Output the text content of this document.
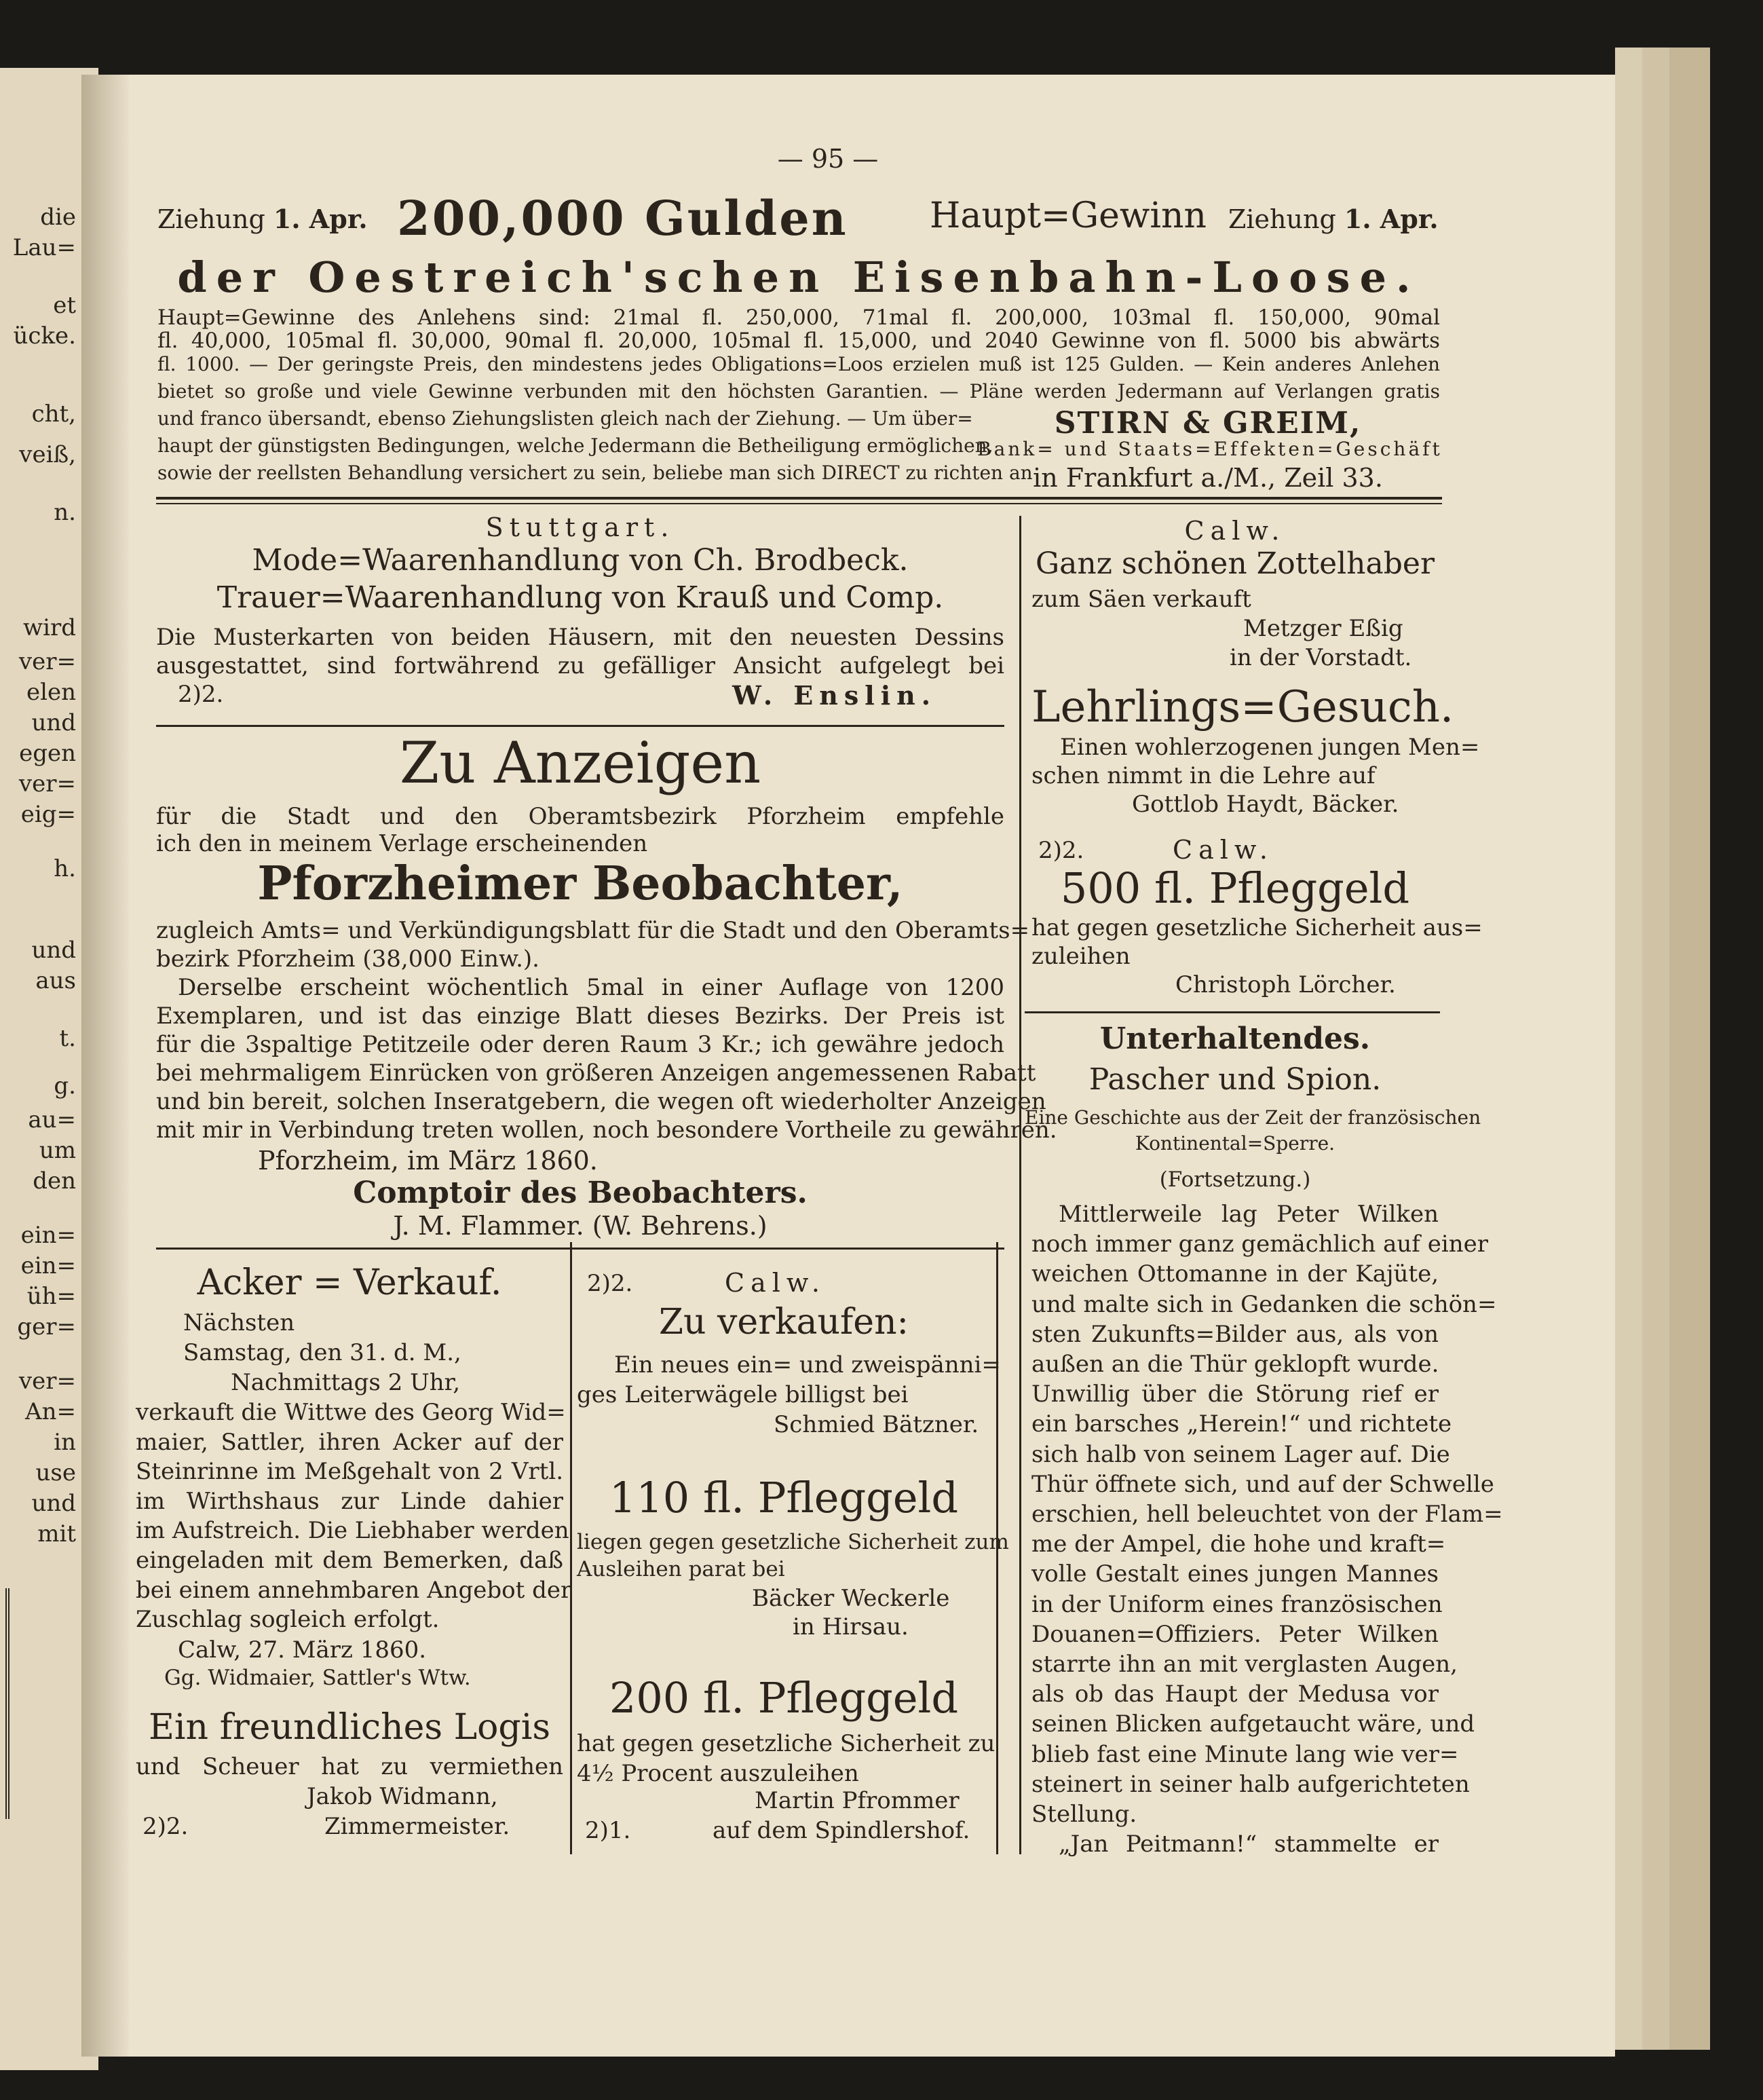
die

Lau=

et

ücke.

cht,

veiß,

n.

wird

ver=

elen

und

egen

ver=

eig=

h.

und

aus

t.

g.

au=

um

den

ein=

ein=

üh=

ger=

ver=

An=

in

use

und

mit

— 95 —

Ziehung 1. Apr. 200,000 Gulden Haupt=Gewinn Ziehung 1. Apr.

der Oestreich'schen Eisenbahn-Loose.

Haupt=Gewinne des Anlehens sind: 21mal fl. 250,000, 71mal fl. 200,000, 103mal fl. 150,000, 90mal

fl. 40,000, 105mal fl. 30,000, 90mal fl. 20,000, 105mal fl. 15,000, und 2040 Gewinne von fl. 5000 bis abwärts

fl. 1000. — Der geringste Preis, den mindestens jedes Obligations=Loos erzielen muß ist 125 Gulden. — Kein anderes Anlehen

bietet so große und viele Gewinne verbunden mit den höchsten Garantien. — Pläne werden Jedermann auf Verlangen gratis

und franco übersandt, ebenso Ziehungslisten gleich nach der Ziehung. — Um über=

haupt der günstigsten Bedingungen, welche Jedermann die Betheiligung ermöglichen,

sowie der reellsten Behandlung versichert zu sein, beliebe man sich DIRECT zu richten an

STIRN & GREIM,

Bank= und Staats=Effekten=Geschäft

in Frankfurt a./M., Zeil 33.

Stuttgart.

Mode=Waarenhandlung von Ch. Brodbeck.

Trauer=Waarenhandlung von Krauß und Comp.

Die Musterkarten von beiden Häusern, mit den neuesten Dessins

ausgestattet, sind fortwährend zu gefälliger Ansicht aufgelegt bei

2)2.	W. Enslin.

Zu Anzeigen

für die Stadt und den Oberamtsbezirk Pforzheim empfehle

ich den in meinem Verlage erscheinenden

Pforzheimer Beobachter,

zugleich Amts= und Verkündigungsblatt für die Stadt und den Oberamts=

bezirk Pforzheim (38,000 Einw.).

Derselbe erscheint wöchentlich 5mal in einer Auflage von 1200

Exemplaren, und ist das einzige Blatt dieses Bezirks. Der Preis ist

für die 3spaltige Petitzeile oder deren Raum 3 Kr.; ich gewähre jedoch

bei mehrmaligem Einrücken von größeren Anzeigen angemessenen Rabatt

und bin bereit, solchen Inseratgebern, die wegen oft wiederholter Anzeigen

mit mir in Verbindung treten wollen, noch besondere Vortheile zu gewähren.

Pforzheim, im März 1860.

Comptoir des Beobachters.

J. M. Flammer. (W. Behrens.)

Calw.

Ganz schönen Zottelhaber

zum Säen verkauft

Metzger Eßig

in der Vorstadt.

Lehrlings=Gesuch.

Einen wohlerzogenen jungen Men=

schen nimmt in die Lehre auf

Gottlob Haydt, Bäcker.

2)2.	Calw.

500 fl. Pfleggeld

hat gegen gesetzliche Sicherheit aus=

zuleihen

Christoph Lörcher.

Unterhaltendes.

Pascher und Spion.

Eine Geschichte aus der Zeit der französischen

Kontinental=Sperre.

(Fortsetzung.)

Mittlerweile lag Peter Wilken

noch immer ganz gemächlich auf einer

weichen Ottomanne in der Kajüte,

und malte sich in Gedanken die schön=

sten Zukunfts=Bilder aus, als von

außen an die Thür geklopft wurde.

Unwillig über die Störung rief er

ein barsches „Herein!“ und richtete

sich halb von seinem Lager auf. Die

Thür öffnete sich, und auf der Schwelle

erschien, hell beleuchtet von der Flam=

me der Ampel, die hohe und kraft=

volle Gestalt eines jungen Mannes

in der Uniform eines französischen

Douanen=Offiziers. Peter Wilken

starrte ihn an mit verglasten Augen,

als ob das Haupt der Medusa vor

seinen Blicken aufgetaucht wäre, und

blieb fast eine Minute lang wie ver=

steinert in seiner halb aufgerichteten

Stellung.

„Jan Peitmann!“ stammelte er

Acker = Verkauf.

Nächsten

Samstag, den 31. d. M.,

Nachmittags 2 Uhr,

verkauft die Wittwe des Georg Wid=

maier, Sattler, ihren Acker auf der

Steinrinne im Meßgehalt von 2 Vrtl.

im Wirthshaus zur Linde dahier

im Aufstreich. Die Liebhaber werden

eingeladen mit dem Bemerken, daß

bei einem annehmbaren Angebot der

Zuschlag sogleich erfolgt.

Calw, 27. März 1860.

Gg. Widmaier, Sattler's Wtw.

Ein freundliches Logis

und Scheuer hat zu vermiethen

Jakob Widmann,

2)2.	Zimmermeister.

2)2.	Calw.

Zu verkaufen:

Ein neues ein= und zweispänni=

ges Leiterwägele billigst bei

Schmied Bätzner.

110 fl. Pfleggeld

liegen gegen gesetzliche Sicherheit zum

Ausleihen parat bei

Bäcker Weckerle

in Hirsau.

200 fl. Pfleggeld

hat gegen gesetzliche Sicherheit zu

4½ Procent auszuleihen

Martin Pfrommer

2)1.	auf dem Spindlershof.
